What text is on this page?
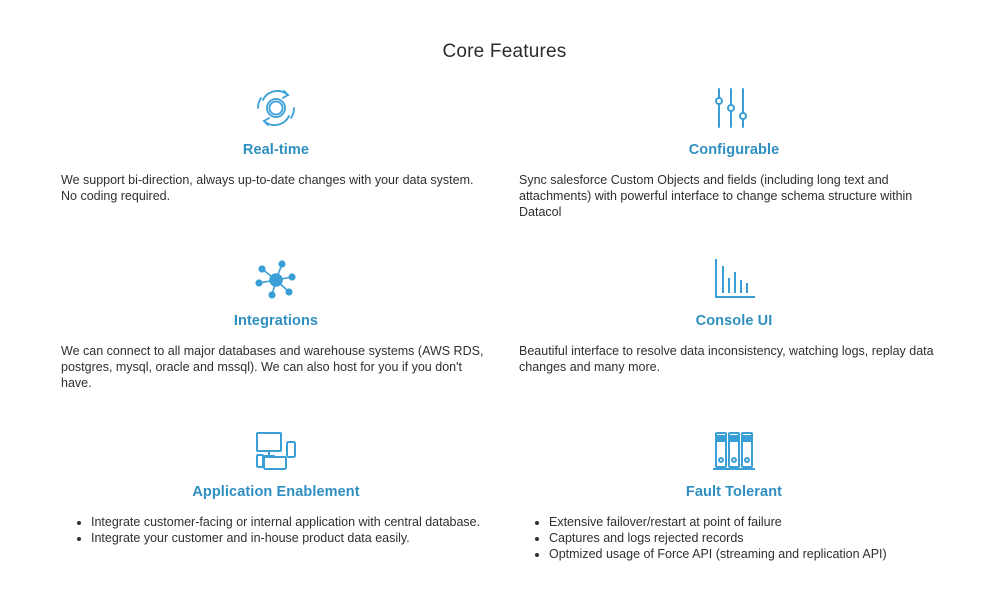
Core Features
Real-time

We support bi-direction, always up-to-date changes with your data system. No coding required.

Configurable

Sync salesforce Custom Objects and fields (including long text and attachments) with powerful interface to change schema structure within Datacol

Integrations

We can connect to all major databases and warehouse systems (AWS RDS, postgres, mysql, oracle and mssql). We can also host for you if you don't have.

Console UI

Beautiful interface to resolve data inconsistency, watching logs, replay data changes and many more.

Application Enablement
• Integrate customer-facing or internal application with central database.
• Integrate your customer and in-house product data easily.
Fault Tolerant
• Extensive failover/restart at point of failure
• Captures and logs rejected records
• Optmized usage of Force API (streaming and replication API)
